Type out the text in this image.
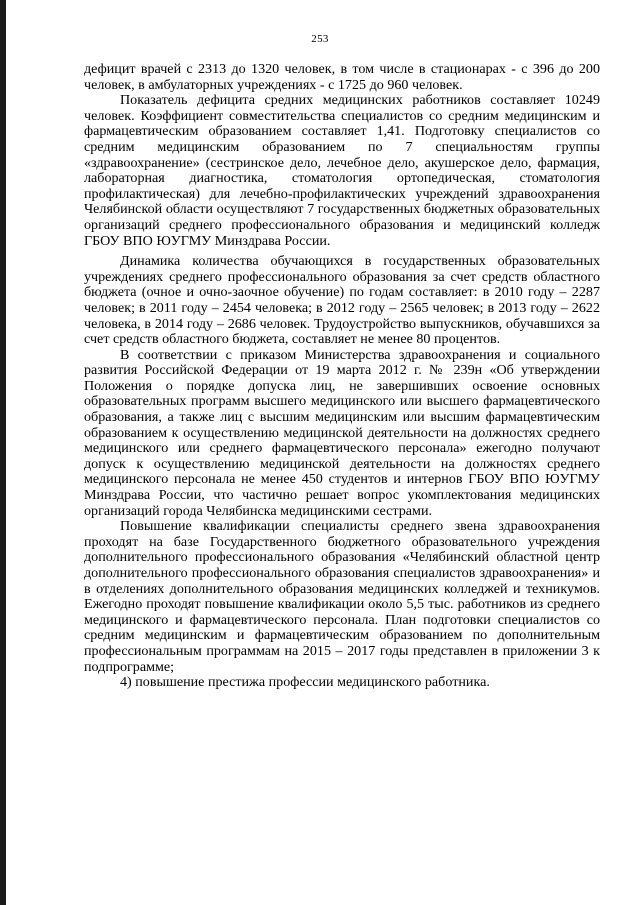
253

дефицит врачей с 2313 до 1320 человек, в том числе в стационарах - с 396 до 200 человек, в амбулаторных учреждениях - с 1725 до 960 человек.

Показатель дефицита средних медицинских работников составляет 10249 человек. Коэффициент совместительства специалистов со средним медицинским и фармацевтическим образованием составляет 1,41. Подготовку специалистов со средним медицинским образованием по 7 специальностям группы «здравоохранение» (сестринское дело, лечебное дело, акушерское дело, фармация, лабораторная диагностика, стоматология ортопедическая, стоматология профилактическая) для лечебно-профилактических учреждений здравоохранения Челябинской области осуществляют 7 государственных бюджетных образовательных организаций среднего профессионального образования и медицинский колледж ГБОУ ВПО ЮУГМУ Минздрава России.

Динамика количества обучающихся в государственных образовательных учреждениях среднего профессионального образования за счет средств областного бюджета (очное и очно-заочное обучение) по годам составляет: в 2010 году – 2287 человек; в 2011 году – 2454 человека; в 2012 году – 2565 человек; в 2013 году – 2622 человека, в 2014 году – 2686 человек. Трудоустройство выпускников, обучавшихся за счет средств областного бюджета, составляет не менее 80 процентов.

В соответствии с приказом Министерства здравоохранения и социального развития Российской Федерации от 19 марта 2012 г. № 239н «Об утверждении Положения о порядке допуска лиц, не завершивших освоение основных образовательных программ высшего медицинского или высшего фармацевтического образования, а также лиц с высшим медицинским или высшим фармацевтическим образованием к осуществлению медицинской деятельности на должностях среднего медицинского или среднего фармацевтического персонала» ежегодно получают допуск к осуществлению медицинской деятельности на должностях среднего медицинского персонала не менее 450 студентов и интернов ГБОУ ВПО ЮУГМУ Минздрава России, что частично решает вопрос укомплектования медицинских организаций города Челябинска медицинскими сестрами.

Повышение квалификации специалисты среднего звена здравоохранения проходят на базе Государственного бюджетного образовательного учреждения дополнительного профессионального образования «Челябинский областной центр дополнительного профессионального образования специалистов здравоохранения» и в отделениях дополнительного образования медицинских колледжей и техникумов. Ежегодно проходят повышение квалификации около 5,5 тыс. работников из среднего медицинского и фармацевтического персонала. План подготовки специалистов со средним медицинским и фармацевтическим образованием по дополнительным профессиональным программам на 2015 – 2017 годы представлен в приложении 3 к подпрограмме;

4) повышение престижа профессии медицинского работника.
